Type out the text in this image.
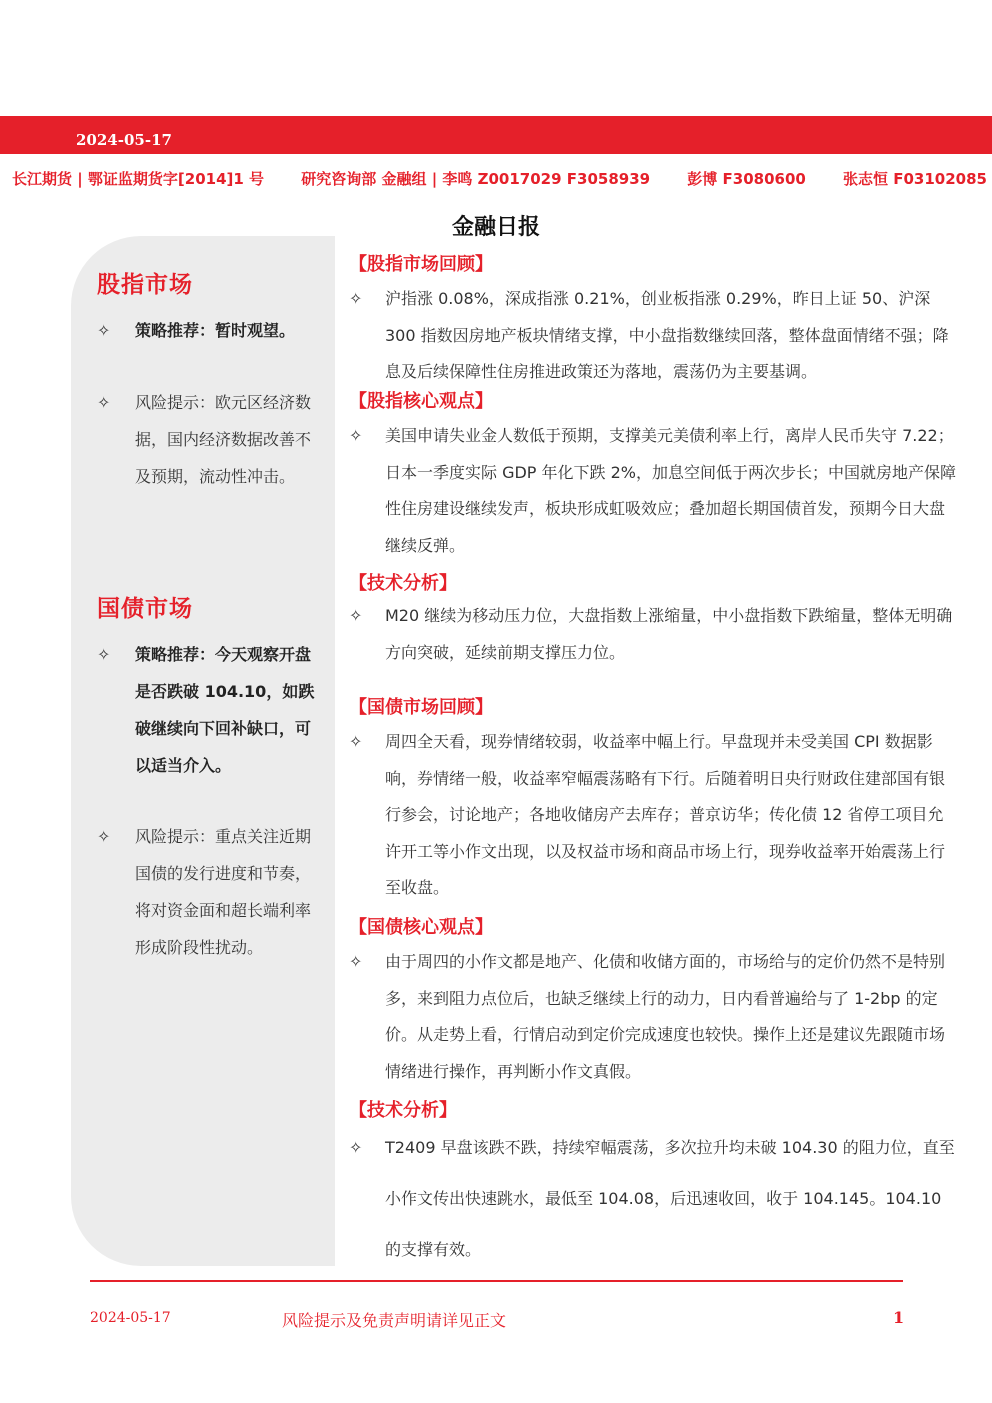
2024-05-17
长江期货 | 鄂证监期货字[2014]1 号 研究咨询部 金融组 | 李鸣 Z0017029 F3058939 彭博 F3080600 张志恒 F03102085
金融日报
股指市场
✧	策略推荐：暂时观望。
✧	风险提示：欧元区经济数据，国内经济数据改善不及预期，流动性冲击。
国债市场
✧	策略推荐：今天观察开盘是否跌破 104.10，如跌破继续向下回补缺口，可以适当介入。
✧	风险提示：重点关注近期国债的发行进度和节奏，将对资金面和超长端利率形成阶段性扰动。
【股指市场回顾】
✧	沪指涨 0.08%，深成指涨 0.21%，创业板指涨 0.29%，昨日上证 50、沪深 300 指数因房地产板块情绪支撑，中小盘指数继续回落，整体盘面情绪不强；降息及后续保障性住房推进政策还为落地，震荡仍为主要基调。
【股指核心观点】
✧	美国申请失业金人数低于预期，支撑美元美债利率上行，离岸人民币失守 7.22；日本一季度实际 GDP 年化下跌 2%，加息空间低于两次步长；中国就房地产保障性住房建设继续发声，板块形成虹吸效应；叠加超长期国债首发，预期今日大盘继续反弹。
【技术分析】
✧	M20 继续为移动压力位，大盘指数上涨缩量，中小盘指数下跌缩量，整体无明确方向突破，延续前期支撑压力位。
【国债市场回顾】
✧	周四全天看，现券情绪较弱，收益率中幅上行。早盘现并未受美国 CPI 数据影响，券情绪一般，收益率窄幅震荡略有下行。后随着明日央行财政住建部国有银行参会，讨论地产；各地收储房产去库存；普京访华；传化债 12 省停工项目允许开工等小作文出现，以及权益市场和商品市场上行，现券收益率开始震荡上行至收盘。
【国债核心观点】
✧	由于周四的小作文都是地产、化债和收储方面的，市场给与的定价仍然不是特别多，来到阻力点位后，也缺乏继续上行的动力，日内看普遍给与了 1-2bp 的定价。从走势上看，行情启动到定价完成速度也较快。操作上还是建议先跟随市场情绪进行操作，再判断小作文真假。
【技术分析】
✧	T2409 早盘该跌不跌，持续窄幅震荡，多次拉升均未破 104.30 的阻力位，直至小作文传出快速跳水，最低至 104.08，后迅速收回，收于 104.145。104.10 的支撑有效。
2024-05-17	风险提示及免责声明请详见正文	1
